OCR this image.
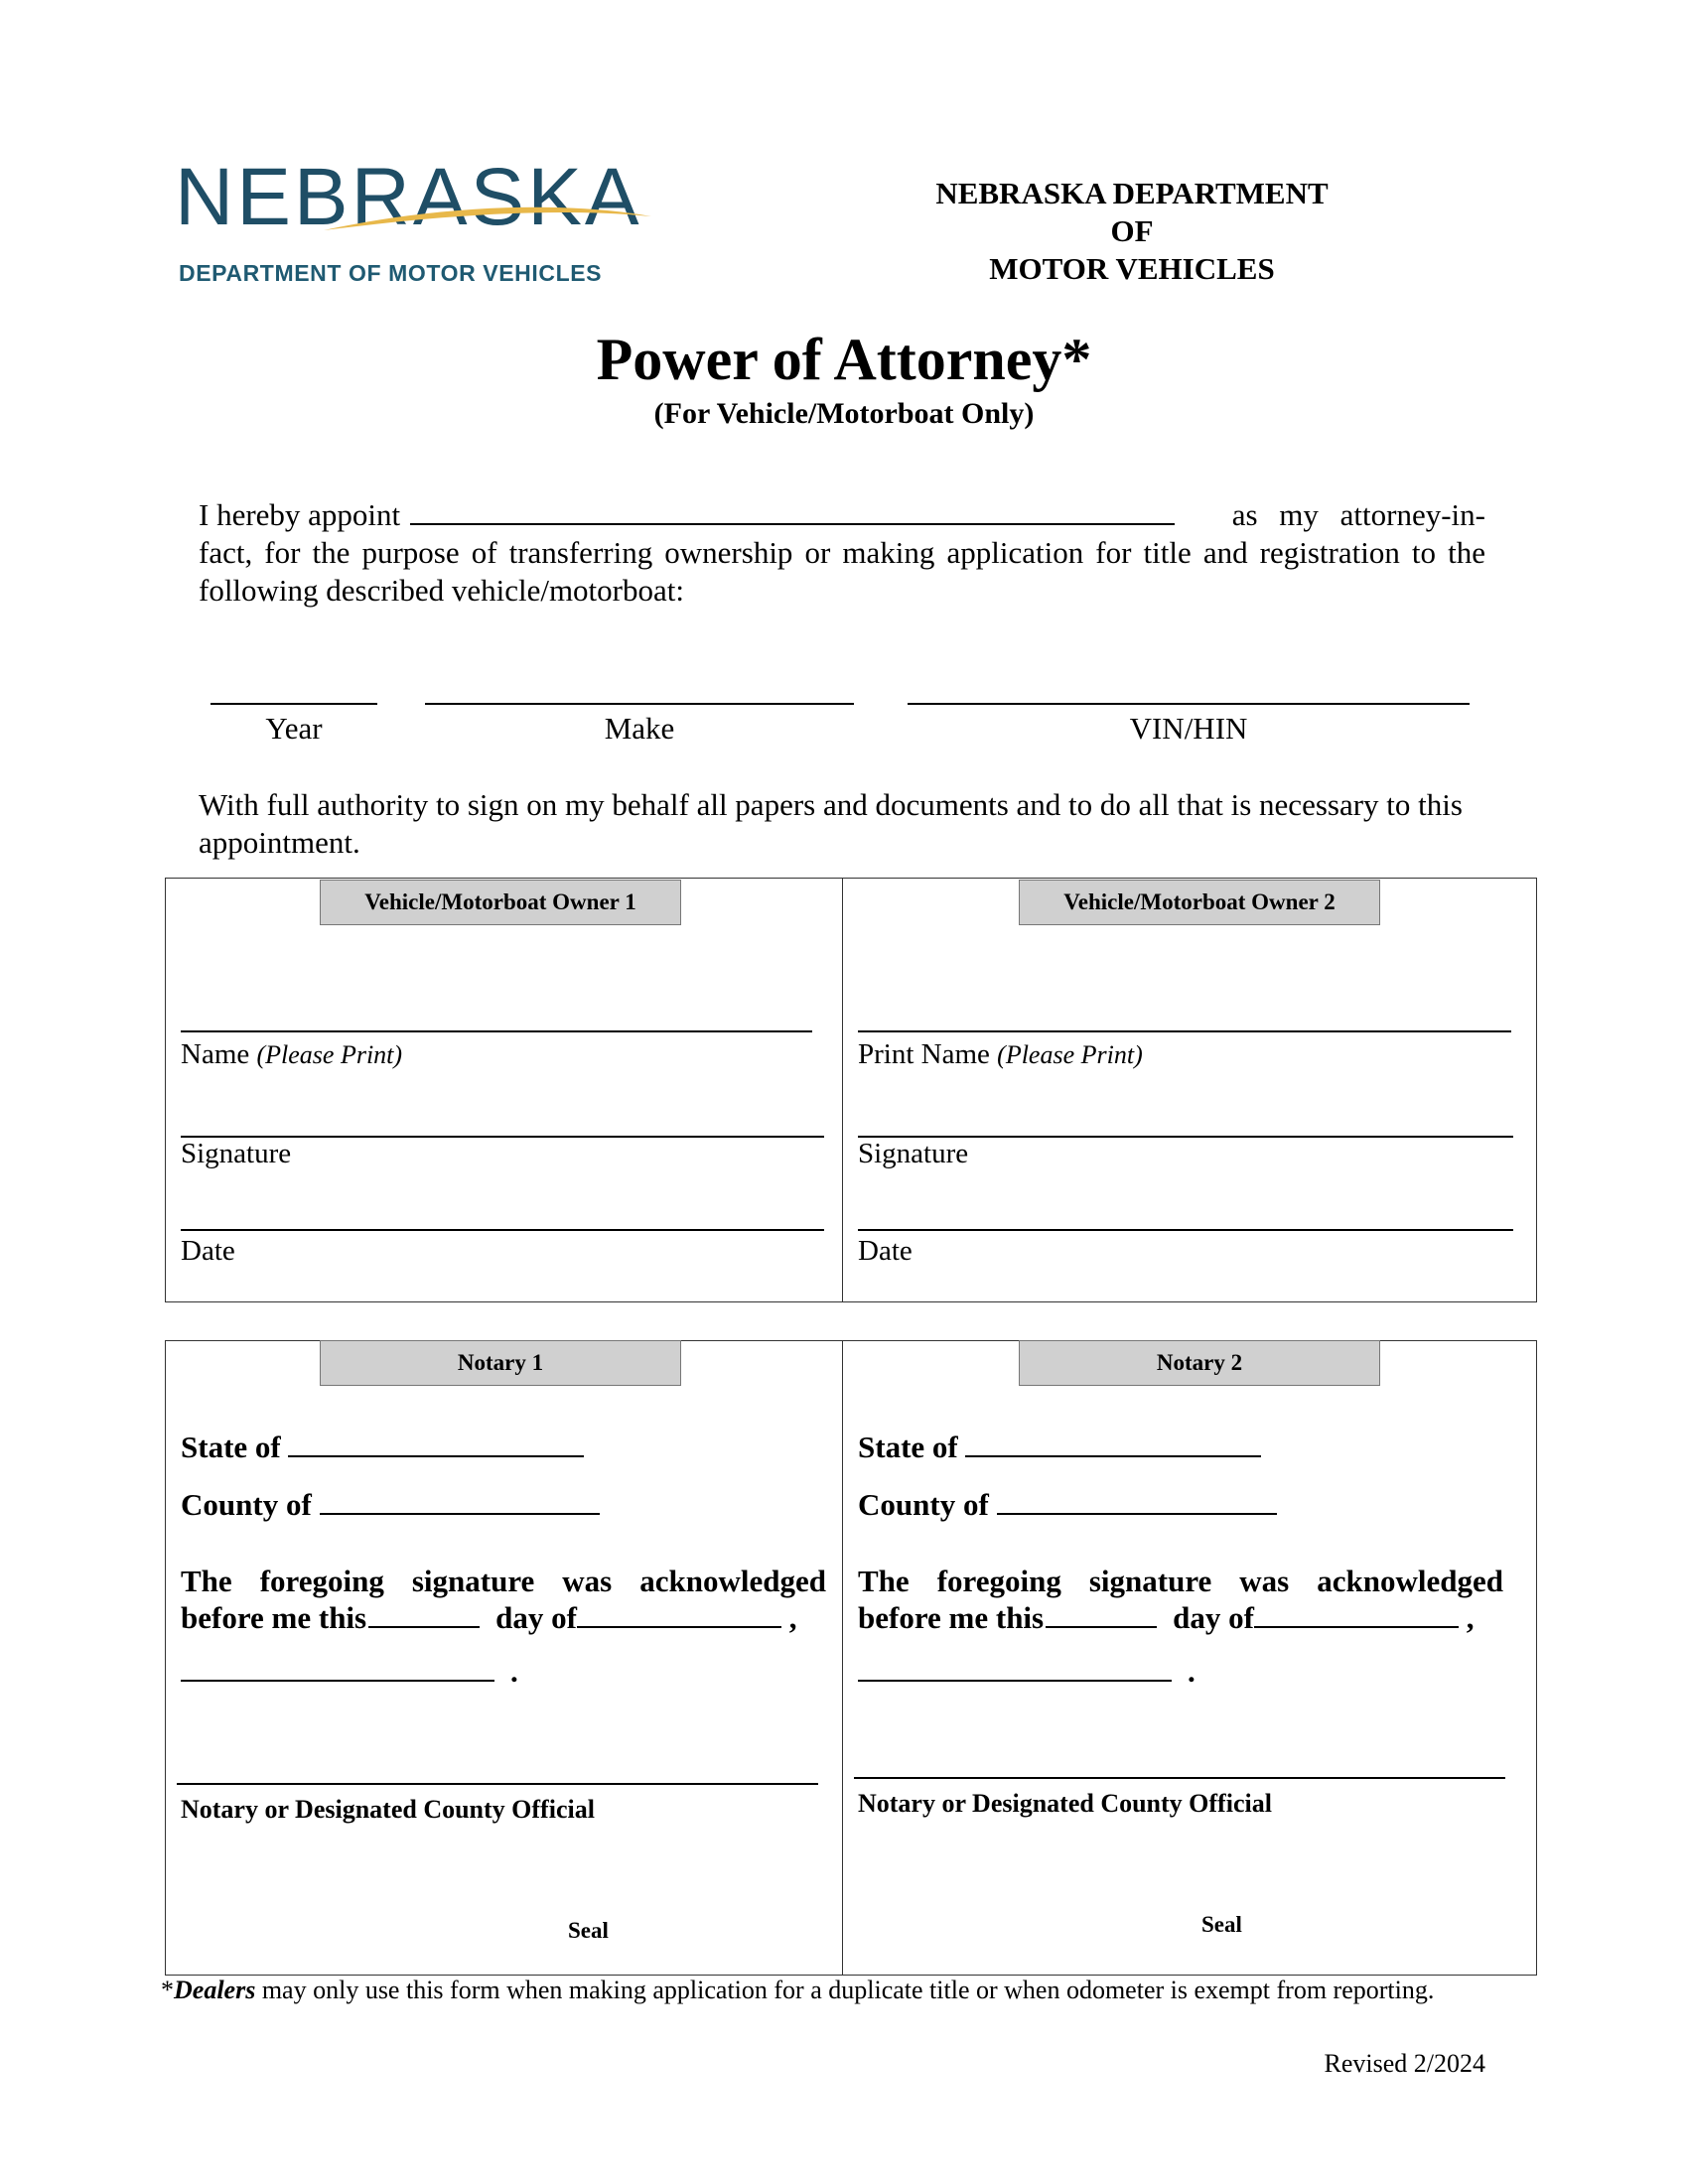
NEBRASKA
DEPARTMENT OF MOTOR VEHICLES
NEBRASKA DEPARTMENT
OF
MOTOR VEHICLES
Power of Attorney*
(For Vehicle/Motorboat Only)
I hereby appoint	as my attorney-in-
fact, for the purpose of transferring ownership or making application for title and registration to the following described vehicle/motorboat:
Year	Make	VIN/HIN
With full authority to sign on my behalf all papers and documents and to do all that is necessary to this appointment.
Vehicle/Motorboat Owner 1	Vehicle/Motorboat Owner 2
Name (Please Print)
Signature
Date
Print Name (Please Print)
Signature
Date
Notary 1	Notary 2
State of
County of
The foregoing signature was acknowledged
before me this	day of	,
.
Notary or Designated County Official
Seal
State of
County of
The foregoing signature was acknowledged
before me this	day of	,
.
Notary or Designated County Official
Seal
*Dealers may only use this form when making application for a duplicate title or when odometer is exempt from reporting.
Revised 2/2024
